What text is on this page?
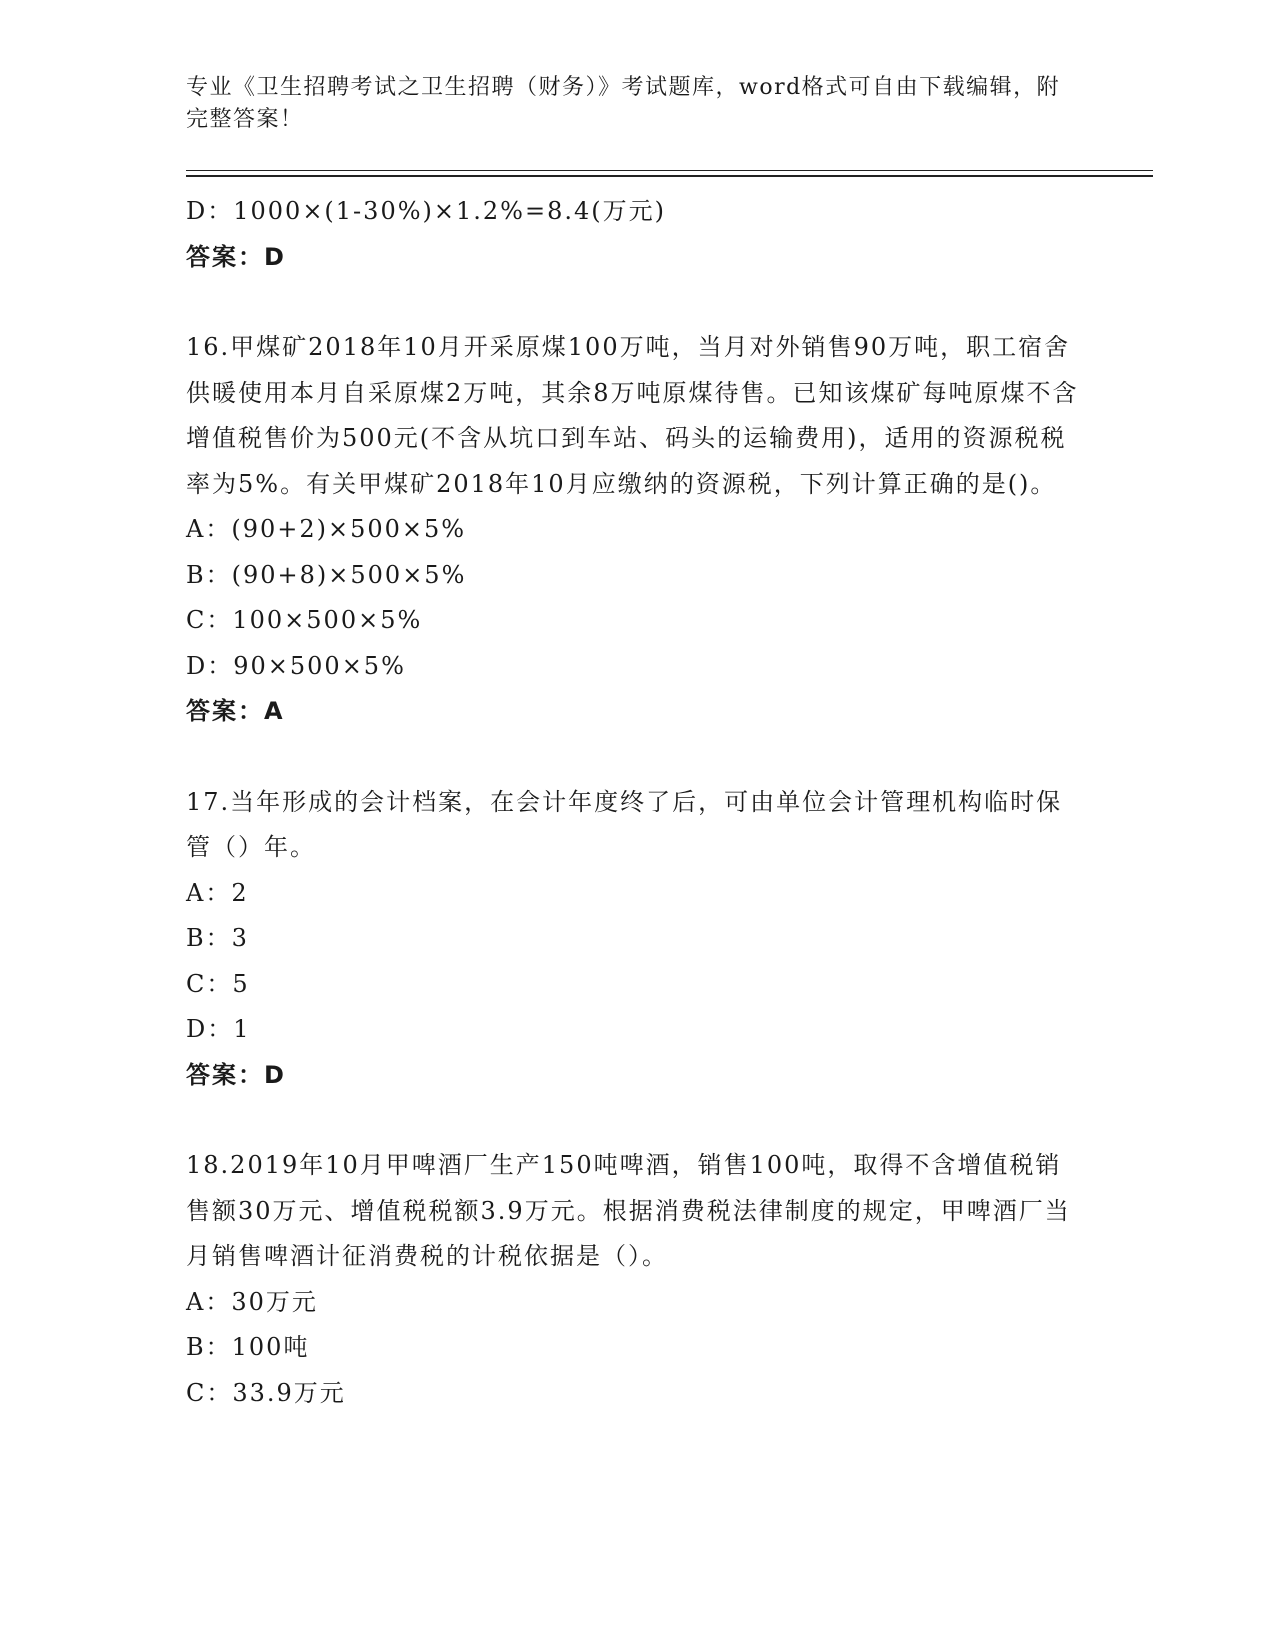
专业《卫生招聘考试之卫生招聘（财务）》考试题库，word格式可自由下载编辑，附完整答案！
D：1000×(1-30%)×1.2%=8.4(万元)
答案：D
16.甲煤矿2018年10月开采原煤100万吨，当月对外销售90万吨，职工宿舍供暖使用本月自采原煤2万吨，其余8万吨原煤待售。已知该煤矿每吨原煤不含增值税售价为500元(不含从坑口到车站、码头的运输费用)，适用的资源税税率为5%。有关甲煤矿2018年10月应缴纳的资源税，下列计算正确的是()。
A：(90+2)×500×5%
B：(90+8)×500×5%
C：100×500×5%
D：90×500×5%
答案：A
17.当年形成的会计档案，在会计年度终了后，可由单位会计管理机构临时保管（）年。
A：2
B：3
C：5
D：1
答案：D
18.2019年10月甲啤酒厂生产150吨啤酒，销售100吨，取得不含增值税销售额30万元、增值税税额3.9万元。根据消费税法律制度的规定，甲啤酒厂当月销售啤酒计征消费税的计税依据是（）。
A：30万元
B：100吨
C：33.9万元
